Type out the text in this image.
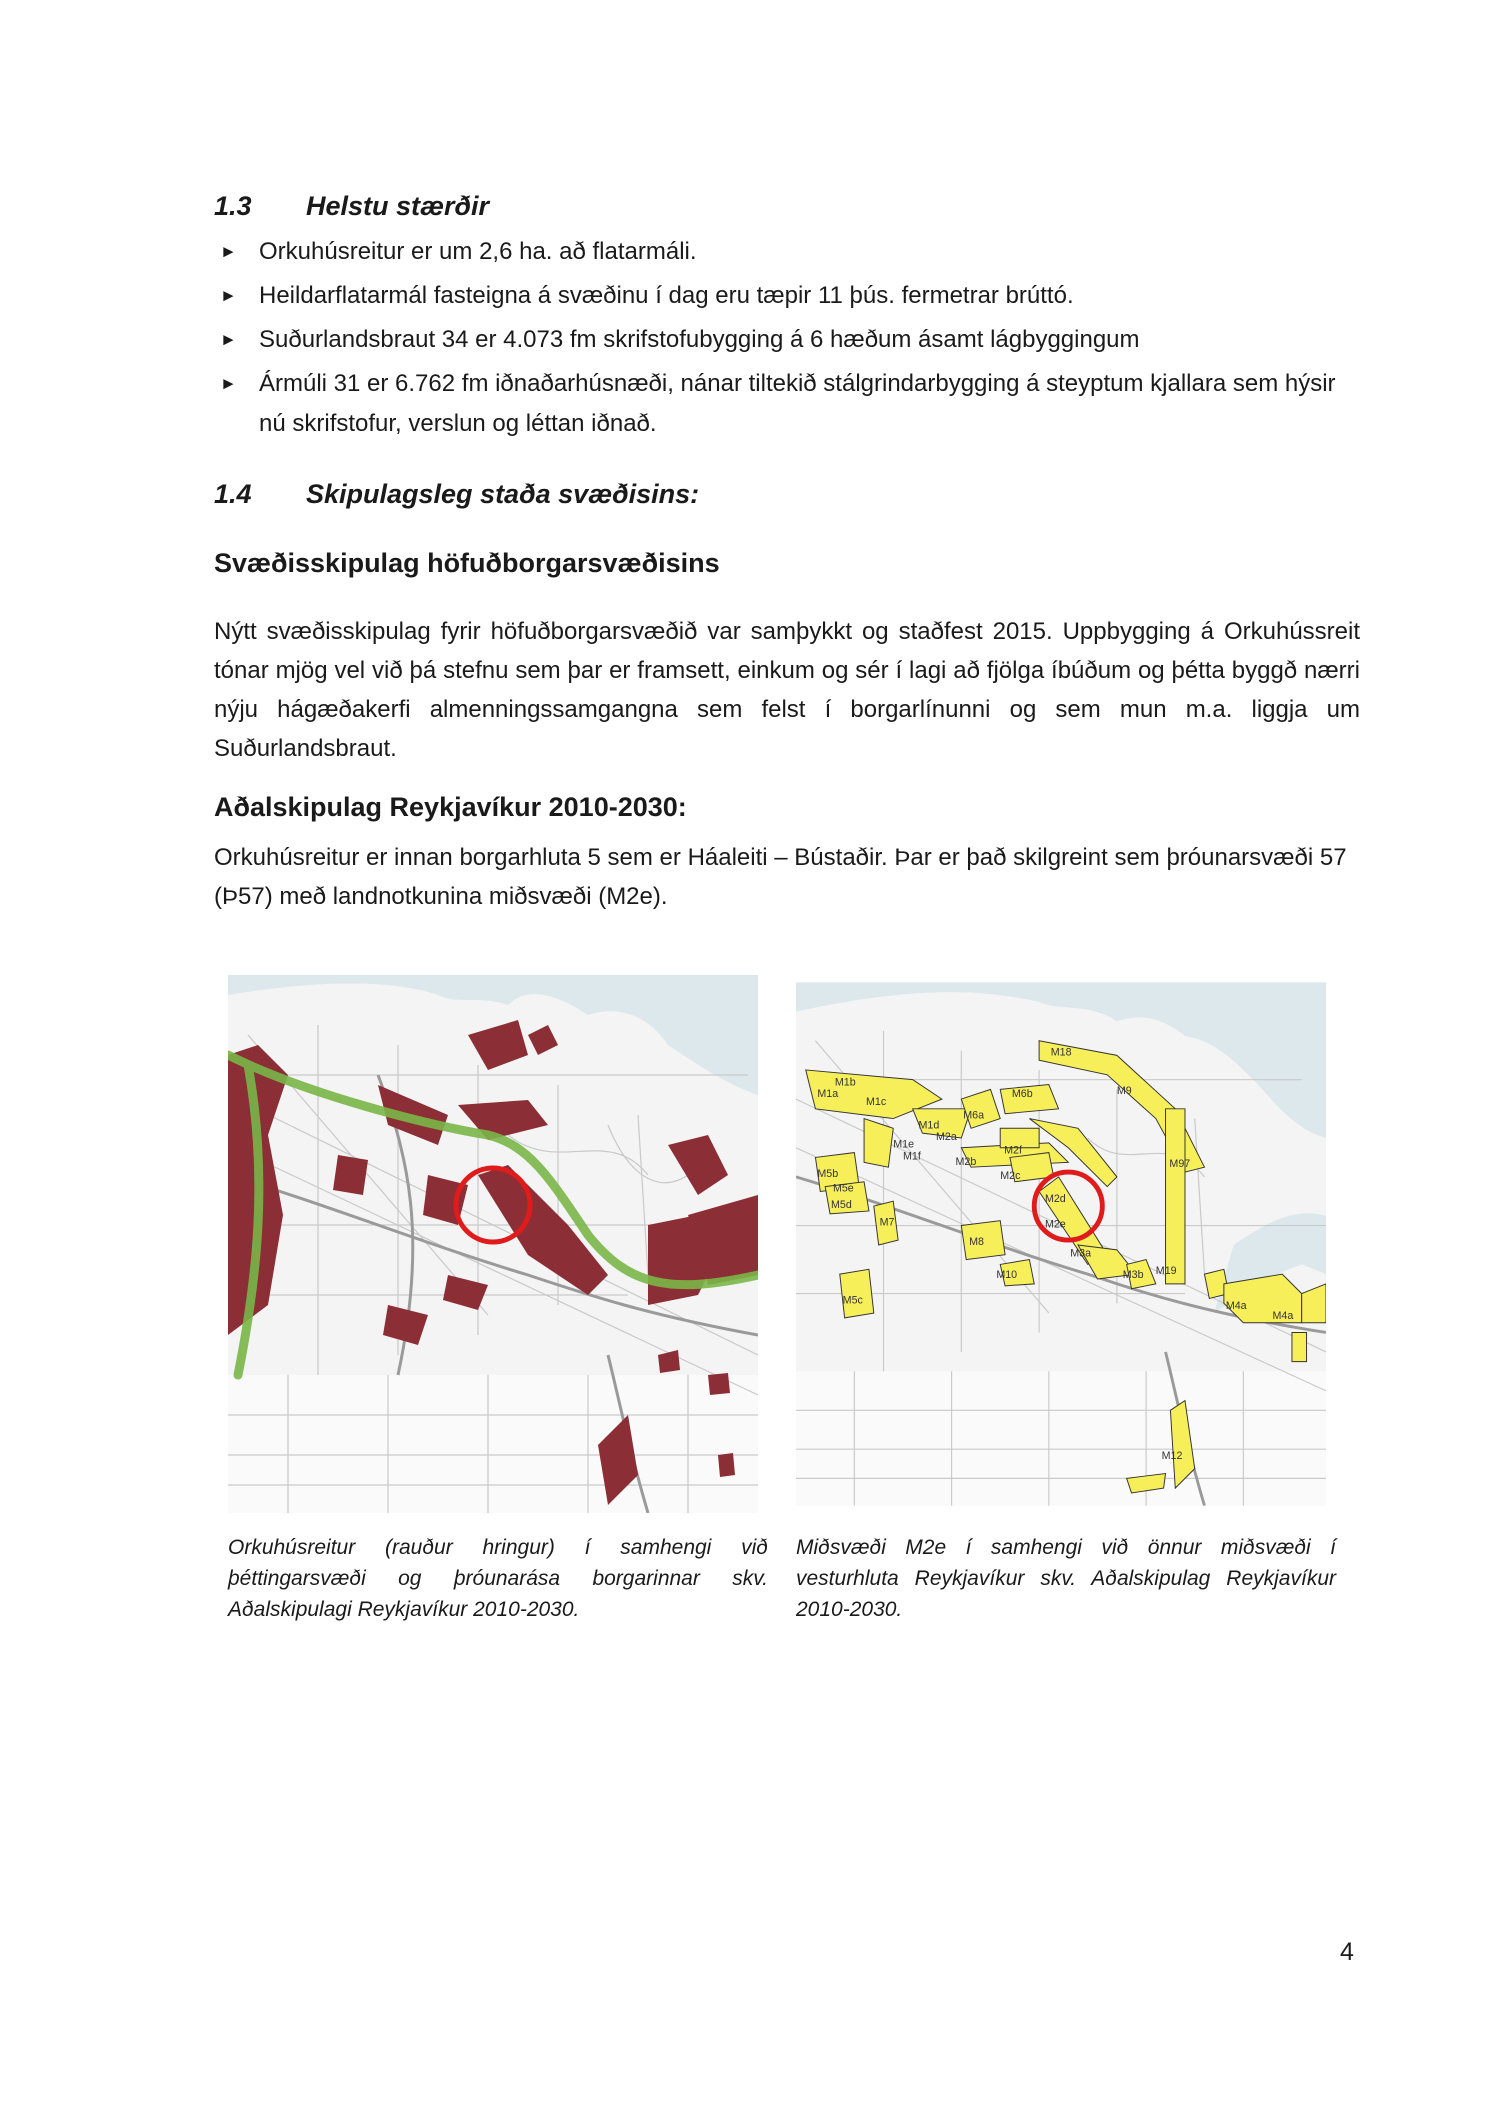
1.3 Helstu stærðir
► Orkuhúsreitur er um 2,6 ha. að flatarmáli.
► Heildarflatarmál fasteigna á svæðinu í dag eru tæpir 11 þús. fermetrar brúttó.
► Suðurlandsbraut 34 er 4.073 fm skrifstofubygging á 6 hæðum ásamt lágbyggingum
► Ármúli 31 er 6.762 fm iðnaðarhúsnæði, nánar tiltekið stálgrindarbygging á steyptum kjallara sem hýsir nú skrifstofur, verslun og léttan iðnað.
1.4 Skipulagsleg staða svæðisins:
Svæðisskipulag höfuðborgarsvæðisins

Nýtt svæðisskipulag fyrir höfuðborgarsvæðið var samþykkt og staðfest 2015. Uppbygging á Orkuhússreit tónar mjög vel við þá stefnu sem þar er framsett, einkum og sér í lagi að fjölga íbúðum og þétta byggð nærri nýju hágæðakerfi almenningssamgangna sem felst í borgarlínunni og sem mun m.a. liggja um Suðurlandsbraut.

Aðalskipulag Reykjavíkur 2010-2030:

Orkuhúsreitur er innan borgarhluta 5 sem er Háaleiti – Bústaðir. Þar er það skilgreint sem þróunarsvæði 57 (Þ57) með landnotkunina miðsvæði (M2e).

M18
M1a
M1b
M1c
M1d
M1e
M1f
M6a
M6b	M9
M2a
M2b
M2c
M2d
M2e
M2f
M3a
M3b
M5b
M5c
M5d
M5e
M7
M8
M10	M19
M97
M4a
M4a
M12

Orkuhúsreitur (rauður hringur) í samhengi við þéttingarsvæði og þróunarása borgarinnar skv. Aðalskipulagi Reykjavíkur 2010-2030.

Miðsvæði M2e í samhengi við önnur miðsvæði í vesturhluta Reykjavíkur skv. Aðalskipulag Reykjavíkur 2010-2030.

4
